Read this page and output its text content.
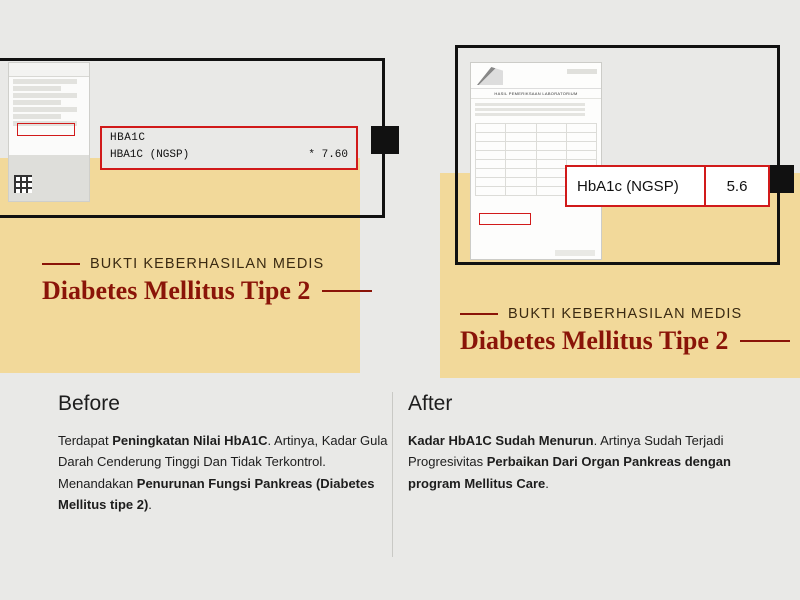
HBA1C
HBA1C (NGSP)	* 7.60
BUKTI KEBERHASILAN MEDIS
Diabetes Mellitus Tipe 2
HASIL PEMERIKSAAN LABORATORIUM

HbA1c (NGSP)	5.6
BUKTI KEBERHASILAN MEDIS
Diabetes Mellitus Tipe 2
Before

Terdapat Peningkatan Nilai HbA1C. Artinya, Kadar Gula Darah Cenderung Tinggi Dan Tidak Terkontrol. Menandakan Penurunan Fungsi Pankreas (Diabetes Mellitus tipe 2).

After

Kadar HbA1C Sudah Menurun. Artinya Sudah Terjadi Progresivitas Perbaikan Dari Organ Pankreas dengan program Mellitus Care.
